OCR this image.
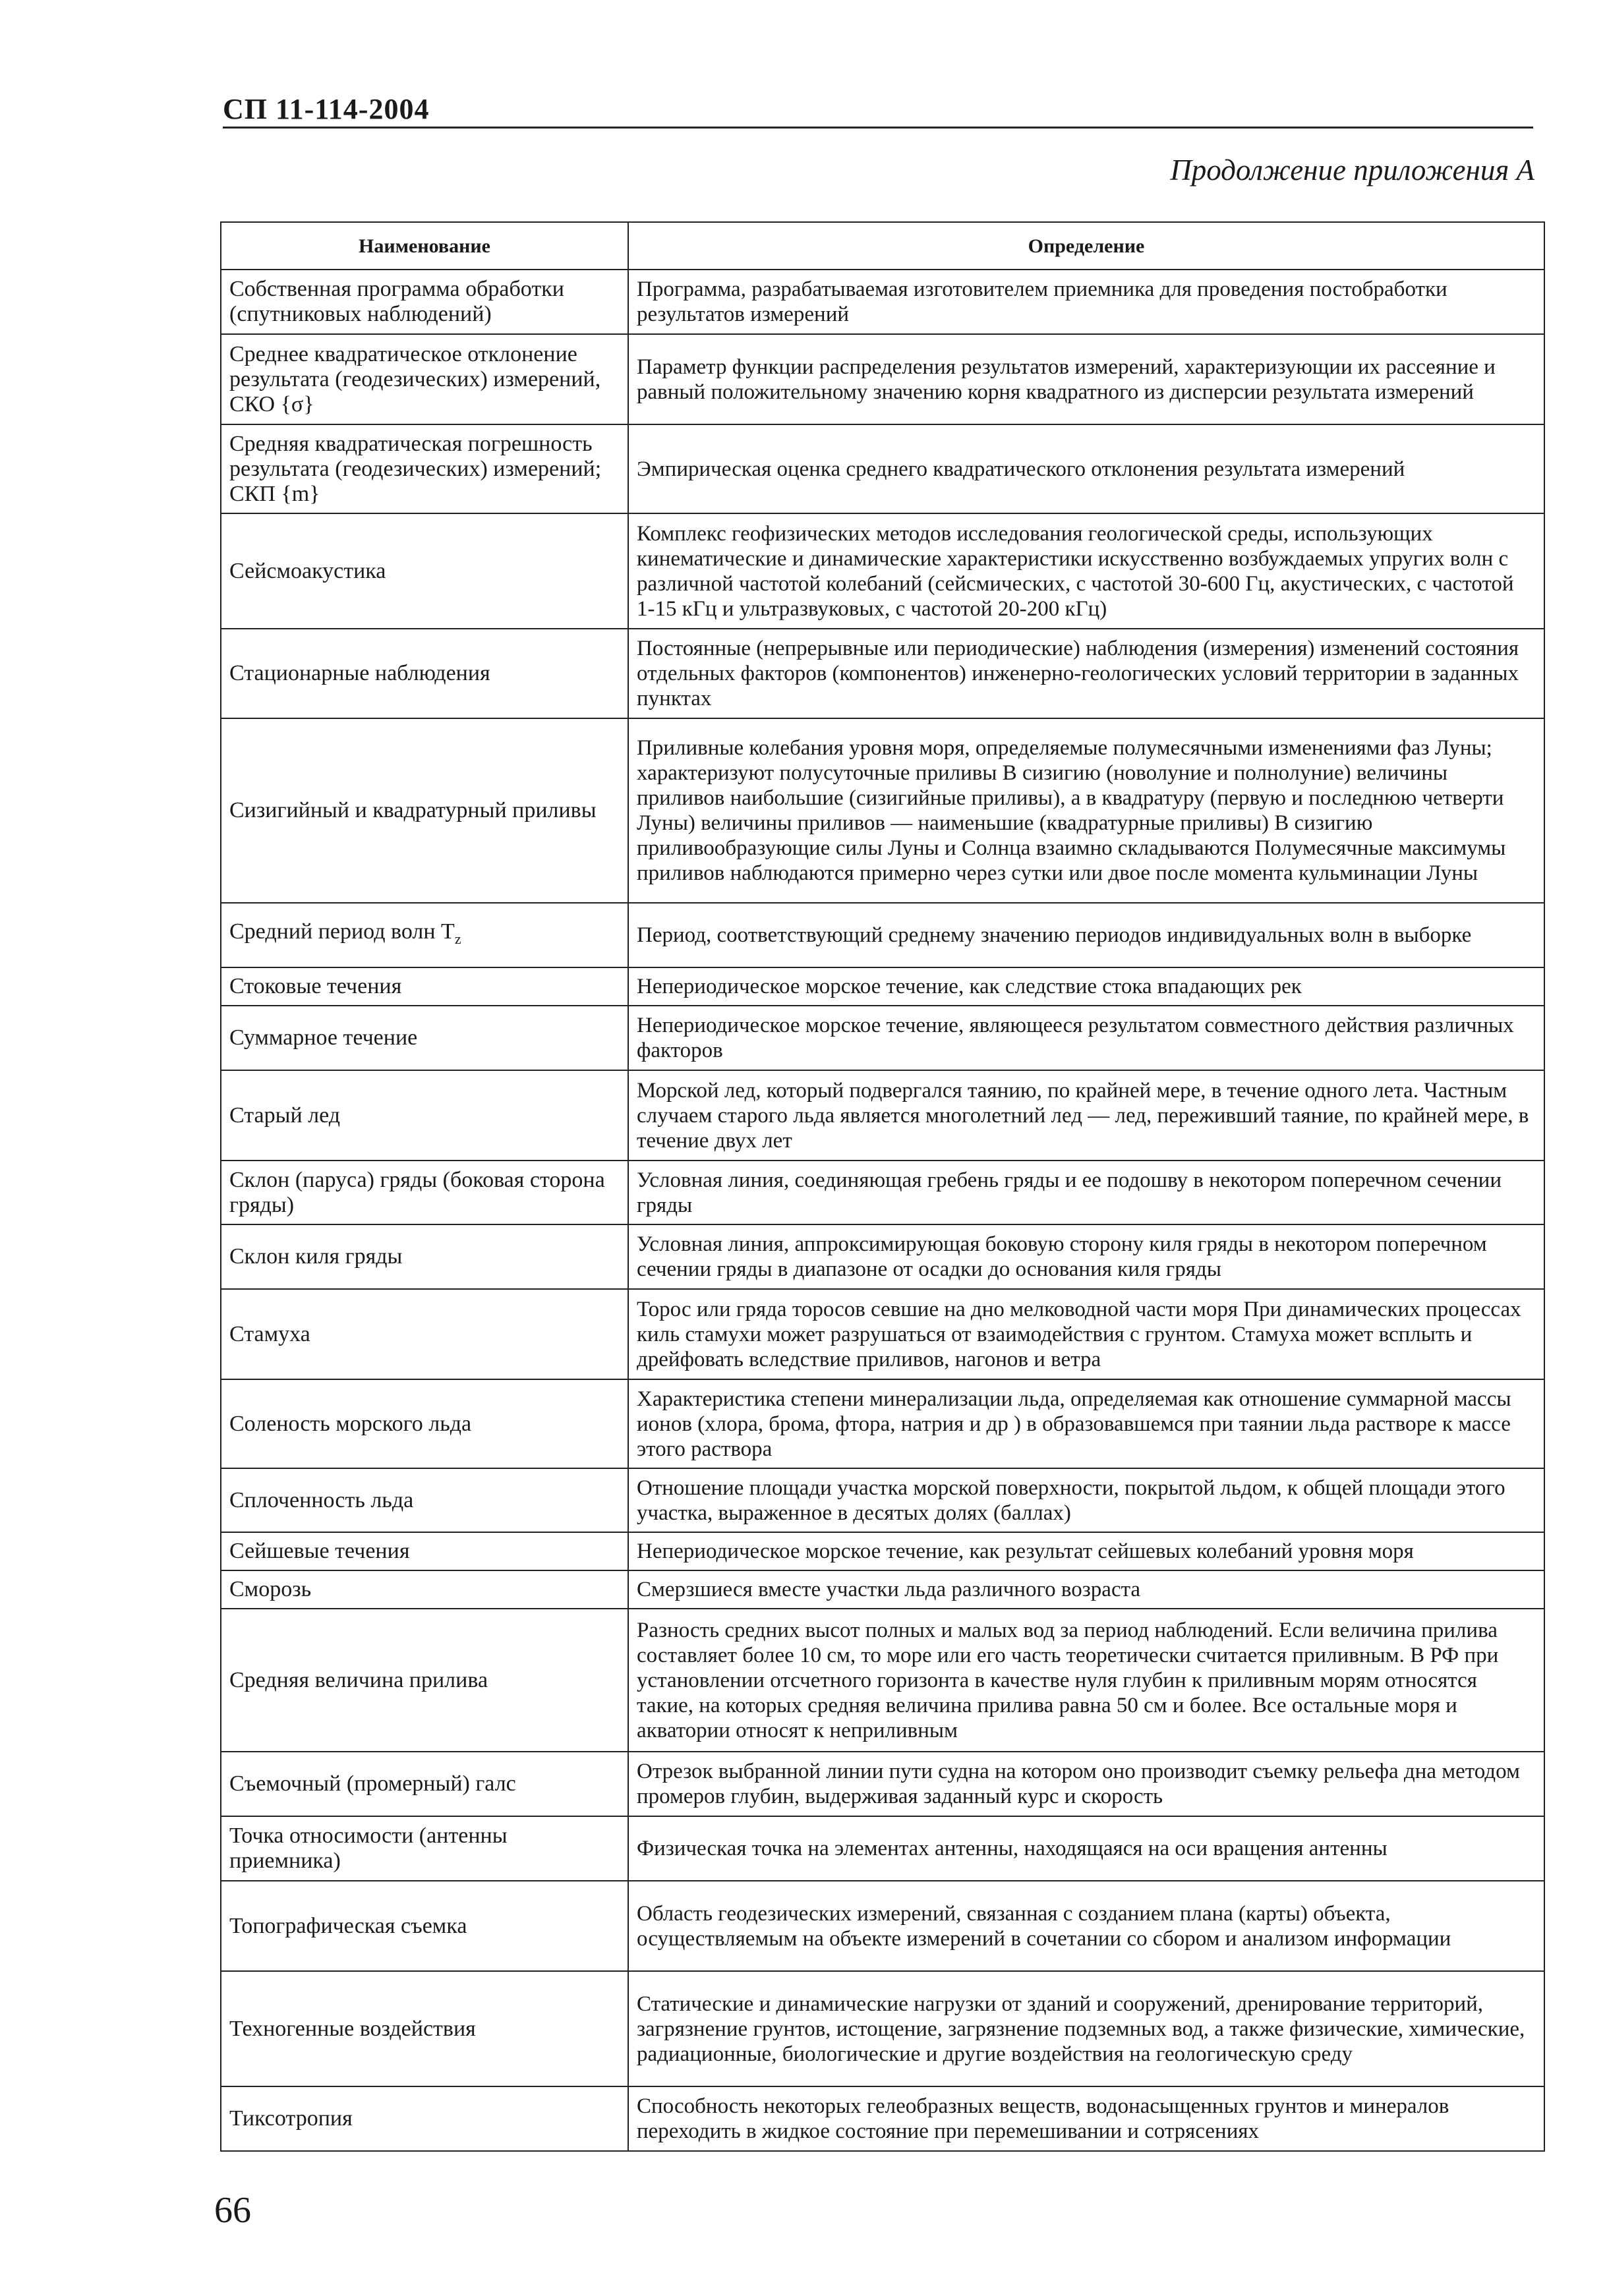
СП 11-114-2004
Продолжение приложения А
Наименование	Определение
Собственная программа обработки (спутниковых наблюдений)	Программа, разрабатываемая изготовителем приемника для проведения постобработки результатов измерений
Среднее квадратическое отклонение результата (геодезических) измерений, СКО {σ}	Параметр функции распределения результатов измерений, характеризующии их рассеяние и равный положительному значению корня квадратного из дисперсии результата измерений
Средняя квадратическая погрешность результата (геодезических) измерений; СКП {m}	Эмпирическая оценка среднего квадратического отклонения результата измерений
Сейсмоакустика	Комплекс геофизических методов исследования геологической среды, использующих кинематические и динамические характеристики искусственно возбуждаемых упругих волн с различной частотой колебаний (сейсмических, с частотой 30-600 Гц, акустических, с частотой 1-15 кГц и ультразвуковых, с частотой 20-200 кГц)
Стационарные наблюдения	Постоянные (непрерывные или периодические) наблюдения (измерения) изменений состояния отдельных факторов (компонентов) инженерно-геологических условий территории в заданных пунктах
Сизигийный и квадратурный приливы	Приливные колебания уровня моря, определяемые полумесячными изменениями фаз Луны; характеризуют полусуточные приливы В сизигию (новолуние и полнолуние) величины приливов наибольшие (сизигийные приливы), а в квадратуру (первую и последнюю четверти Луны) величины приливов — наименьшие (квадратурные приливы) В сизигию приливообразующие силы Луны и Солнца взаимно складываются Полумесячные максимумы приливов наблюдаются примерно через сутки или двое после момента кульминации Луны
Средний период волн $T_z$	Период, соответствующий среднему значению периодов индивидуальных волн в выборке
Стоковые течения	Непериодическое морское течение, как следствие стока впадающих рек
Суммарное течение	Непериодическое морское течение, являющееся результатом совместного действия различных факторов
Старый лед	Морской лед, который подвергался таянию, по крайней мере, в течение одного лета. Частным случаем старого льда является многолетний лед — лед, переживший таяние, по крайней мере, в течение двух лет
Склон (паруса) гряды (боковая сторона гряды)	Условная линия, соединяющая гребень гряды и ее подошву в некотором поперечном сечении гряды
Склон киля гряды	Условная линия, аппроксимирующая боковую сторону киля гряды в некотором поперечном сечении гряды в диапазоне от осадки до основания киля гряды
Стамуха	Торос или гряда торосов севшие на дно мелководной части моря При динамических процессах киль стамухи может разрушаться от взаимодействия с грунтом. Стамуха может всплыть и дрейфовать вследствие приливов, нагонов и ветра
Соленость морского льда	Характеристика степени минерализации льда, определяемая как отношение суммарной массы ионов (хлора, брома, фтора, натрия и др ) в образовавшемся при таянии льда растворе к массе этого раствора
Сплоченность льда	Отношение площади участка морской поверхности, покрытой льдом, к общей площади этого участка, выраженное в десятых долях (баллах)
Сейшевые течения	Непериодическое морское течение, как результат сейшевых колебаний уровня моря
Сморозь	Смерзшиеся вместе участки льда различного возраста
Средняя величина прилива	Разность средних высот полных и малых вод за период наблюдений. Если величина прилива составляет более 10 см, то море или его часть теоретически считается приливным. В РФ при установлении отсчетного горизонта в качестве нуля глубин к приливным морям относятся такие, на которых средняя величина прилива равна 50 см и более. Все остальные моря и акватории относят к неприливным
Съемочный (промерный) галс	Отрезок выбранной линии пути судна на котором оно производит съемку рельефа дна методом промеров глубин, выдерживая заданный курс и скорость
Точка относимости (антенны приемника)	Физическая точка на элементах антенны, находящаяся на оси вращения антенны
Топографическая съемка	Область геодезических измерений, связанная с созданием плана (карты) объекта, осуществляемым на объекте измерений в сочетании со сбором и анализом информации
Техногенные воздействия	Статические и динамические нагрузки от зданий и сооружений, дренирование территорий, загрязнение грунтов, истощение, загрязнение подземных вод, а также физические, химические, радиационные, биологические и другие воздействия на геологическую среду
Тиксотропия	Способность некоторых гелеобразных веществ, водонасыщенных грунтов и минералов переходить в жидкое состояние при перемешивании и сотрясениях
66
